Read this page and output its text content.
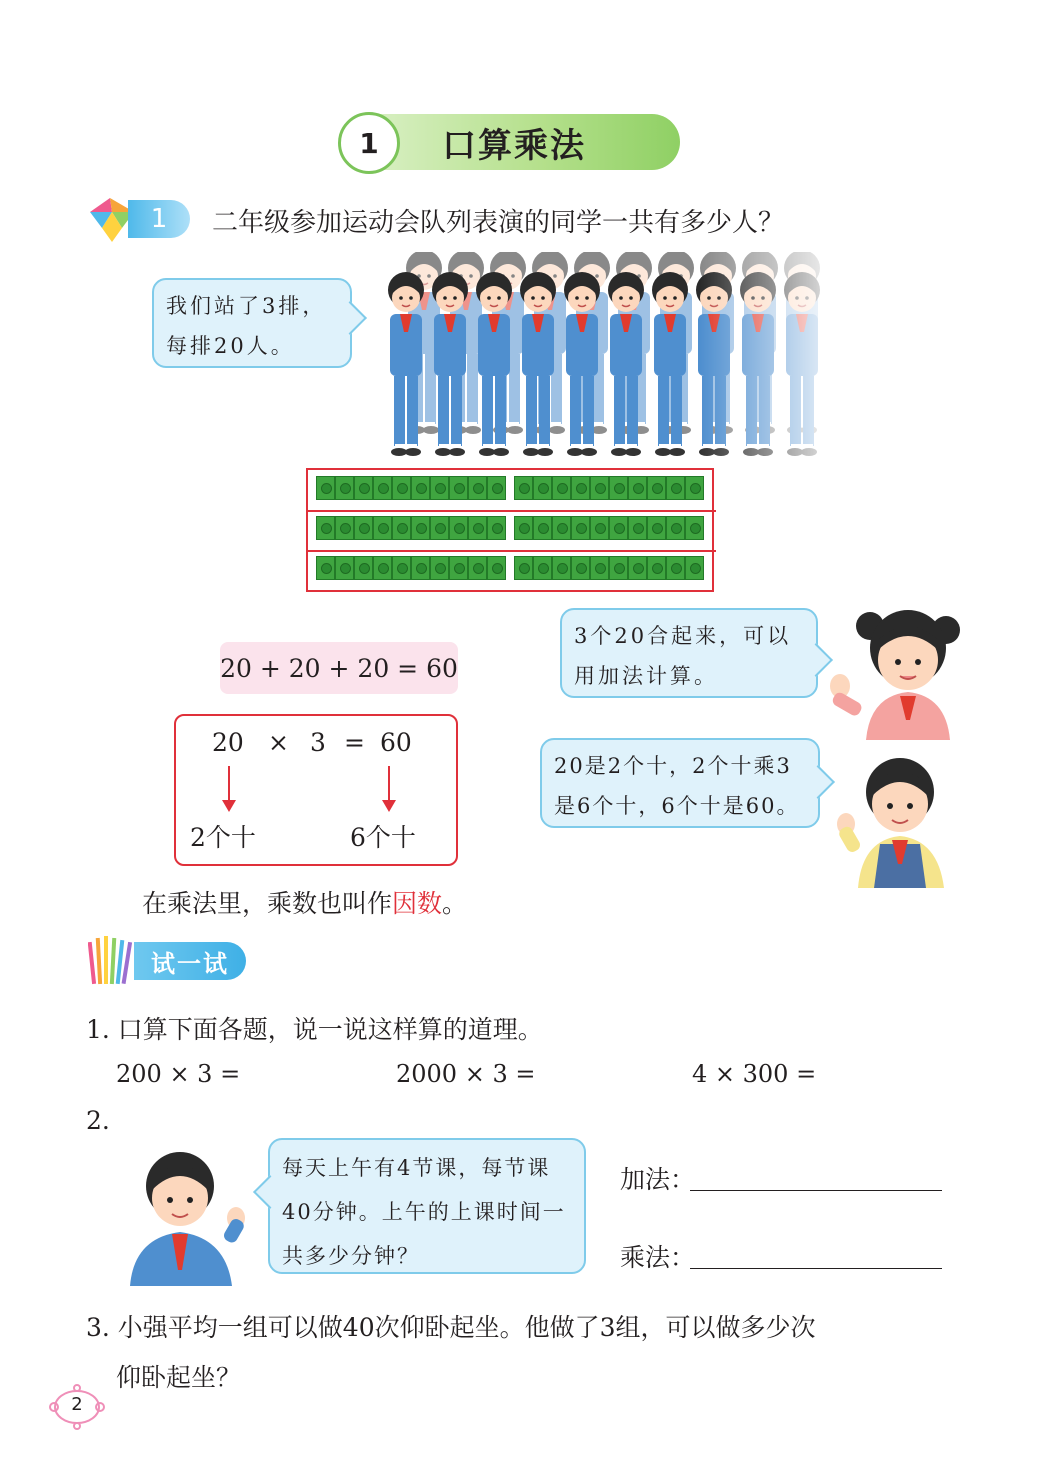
1	口算乘法
1	二年级参加运动会队列表演的同学一共有多少人？
我们站了3排，
每排20人。
3个20合起来，可以
用加法计算。
20是2个十，2个十乘3
是6个十，6个十是60。
20 + 20 + 20 = 60
20 × 3 = 60
2个十	6个十
在乘法里，乘数也叫作因数。
试一试
1. 口算下面各题，说一说这样算的道理。
200 × 3 =	2000 × 3 =	4 × 300 =
2.
每天上午有4节课，每节课
40分钟。上午的上课时间一
共多少分钟？
加法：
乘法：
3. 小强平均一组可以做40次仰卧起坐。他做了3组，可以做多少次
仰卧起坐？
2
